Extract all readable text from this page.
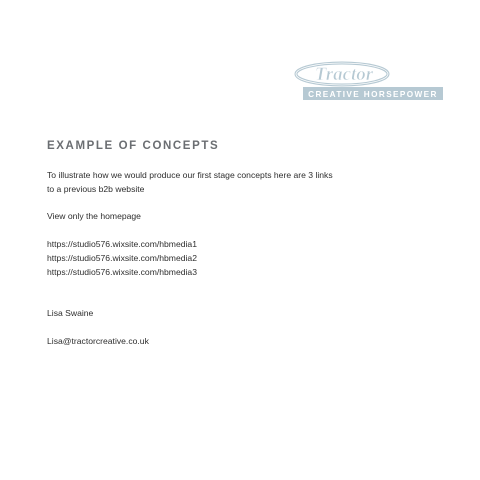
CREATIVE HORSEPOWER
Tractor
EXAMPLE OF CONCEPTS
To illustrate how we would produce our first stage concepts here are 3 links
to a previous b2b website
View only the homepage
https://studio576.wixsite.com/hbmedia1
https://studio576.wixsite.com/hbmedia2
https://studio576.wixsite.com/hbmedia3
Lisa Swaine
Lisa@tractorcreative.co.uk
